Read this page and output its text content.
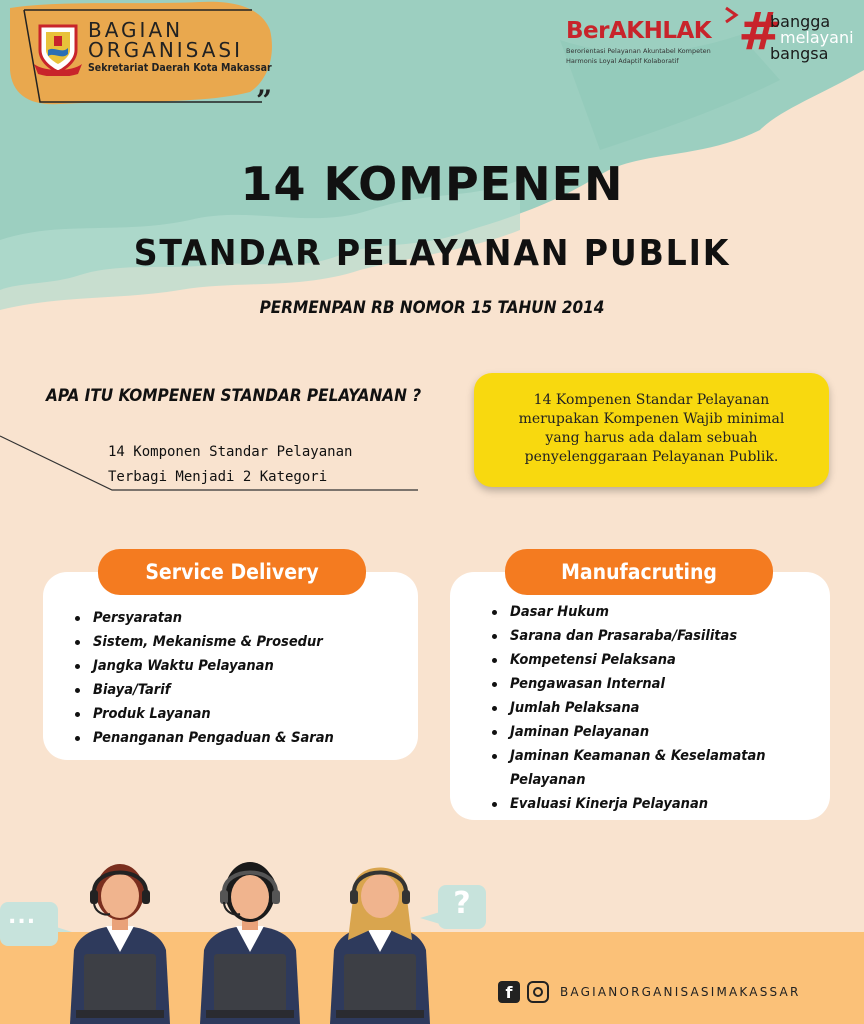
BAGIAN
ORGANISASI
Sekretariat Daerah Kota Makassar
”
BerAKHLAK
Berorientasi Pelayanan Akuntabel Kompeten
Harmonis Loyal Adaptif Kolaboratif #
bangga
melayani
bangsa
14 KOMPENEN
STANDAR PELAYANAN PUBLIK
PERMENPAN RB NOMOR 15 TAHUN 2014
APA ITU KOMPENEN STANDAR PELAYANAN ?
14 Komponen Standar Pelayanan
Terbagi Menjadi 2 Kategori
14 Kompenen Standar Pelayanan
merupakan Kompenen Wajib minimal
yang harus ada dalam sebuah
penyelenggaraan Pelayanan Publik.
Service Delivery	Manufacruting
Persyaratan
Sistem, Mekanisme & Prosedur
Jangka Waktu Pelayanan
Biaya/Tarif
Produk Layanan
Penanganan Pengaduan & Saran
Dasar Hukum
Sarana dan Prasaraba/Fasilitas
Kompetensi Pelaksana
Pengawasan Internal
Jumlah Pelaksana
Jaminan Pelayanan
Jaminan Keamanan & Keselamatan Pelayanan
Evaluasi Kinerja Pelayanan
...	?
f	BAGIANORGANISASIMAKASSAR
